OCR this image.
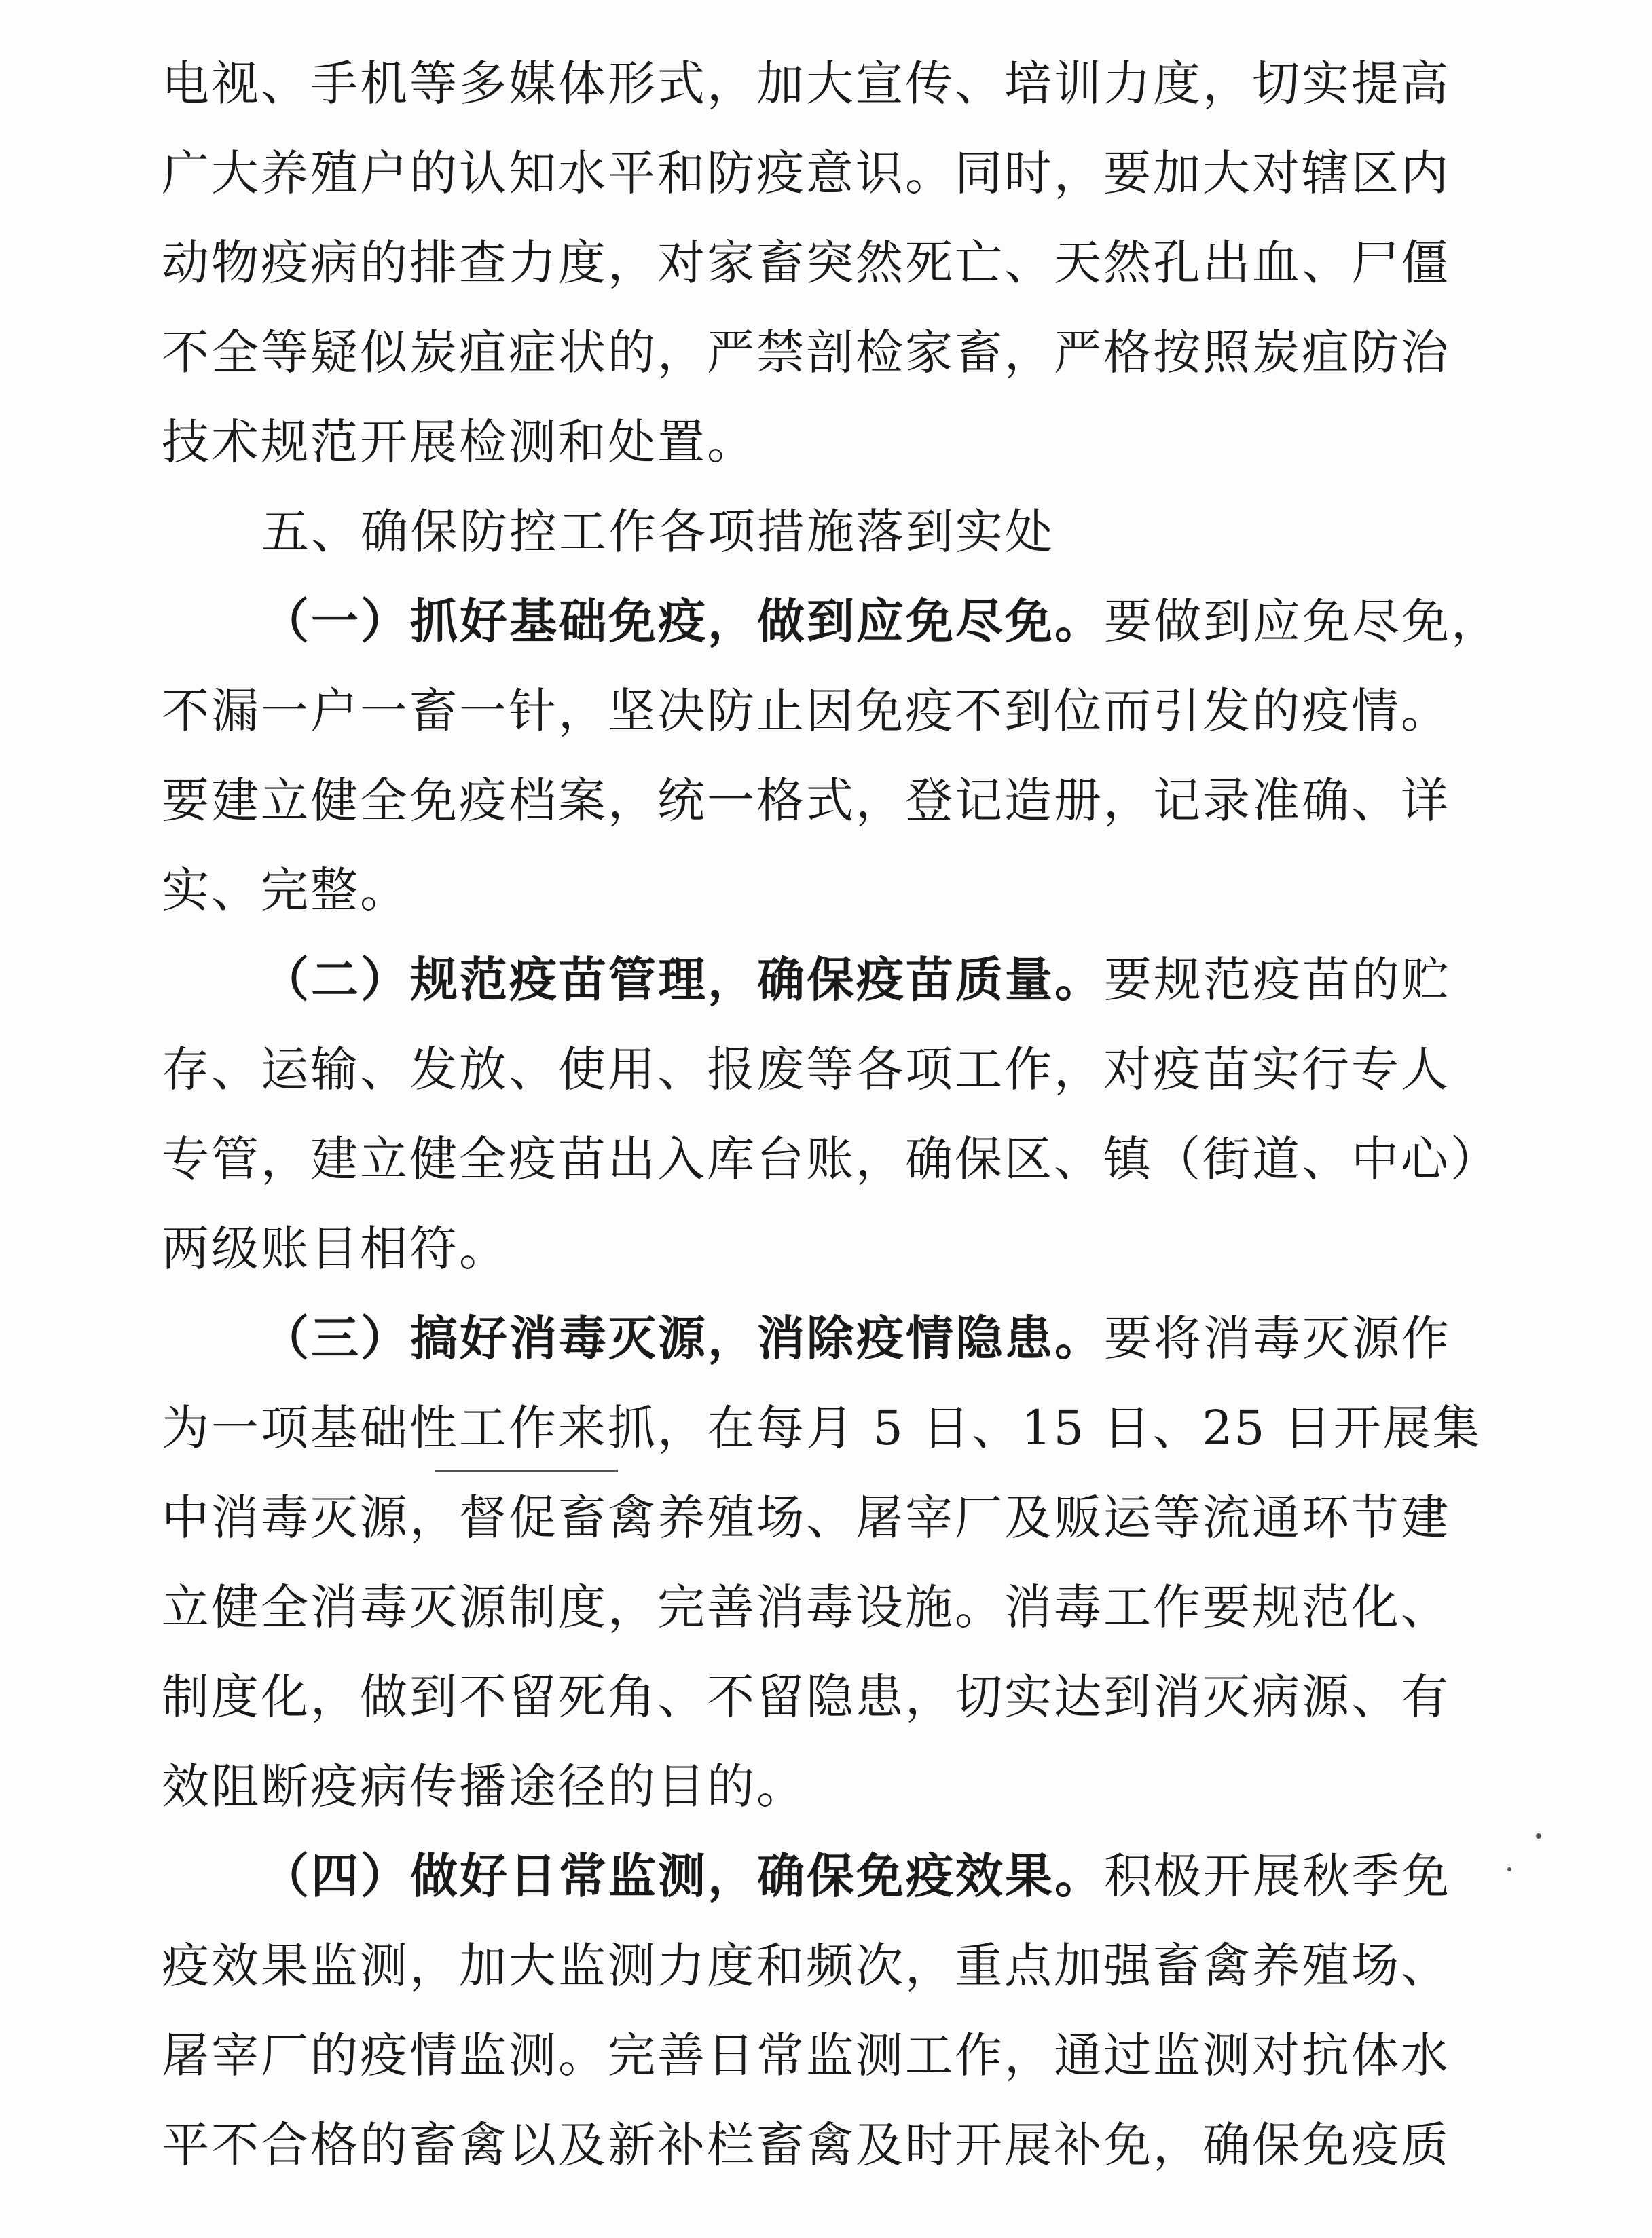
电视、手机等多媒体形式，加大宣传、培训力度，切实提高
广大养殖户的认知水平和防疫意识。同时，要加大对辖区内
动物疫病的排查力度，对家畜突然死亡、天然孔出血、尸僵
不全等疑似炭疽症状的，严禁剖检家畜，严格按照炭疽防治
技术规范开展检测和处置。
五、确保防控工作各项措施落到实处
（一）抓好基础免疫，做到应免尽免。要做到应免尽免，
不漏一户一畜一针，坚决防止因免疫不到位而引发的疫情。
要建立健全免疫档案，统一格式，登记造册，记录准确、详
实、完整。
（二）规范疫苗管理，确保疫苗质量。要规范疫苗的贮
存、运输、发放、使用、报废等各项工作，对疫苗实行专人
专管，建立健全疫苗出入库台账，确保区、镇（街道、中心）
两级账目相符。
（三）搞好消毒灭源，消除疫情隐患。要将消毒灭源作
为一项基础性工作来抓，在每月 5 日、15 日、25 日开展集
中消毒灭源，督促畜禽养殖场、屠宰厂及贩运等流通环节建
立健全消毒灭源制度，完善消毒设施。消毒工作要规范化、
制度化，做到不留死角、不留隐患，切实达到消灭病源、有
效阻断疫病传播途径的目的。
（四）做好日常监测，确保免疫效果。积极开展秋季免
疫效果监测，加大监测力度和频次，重点加强畜禽养殖场、
屠宰厂的疫情监测。完善日常监测工作，通过监测对抗体水
平不合格的畜禽以及新补栏畜禽及时开展补免，确保免疫质
